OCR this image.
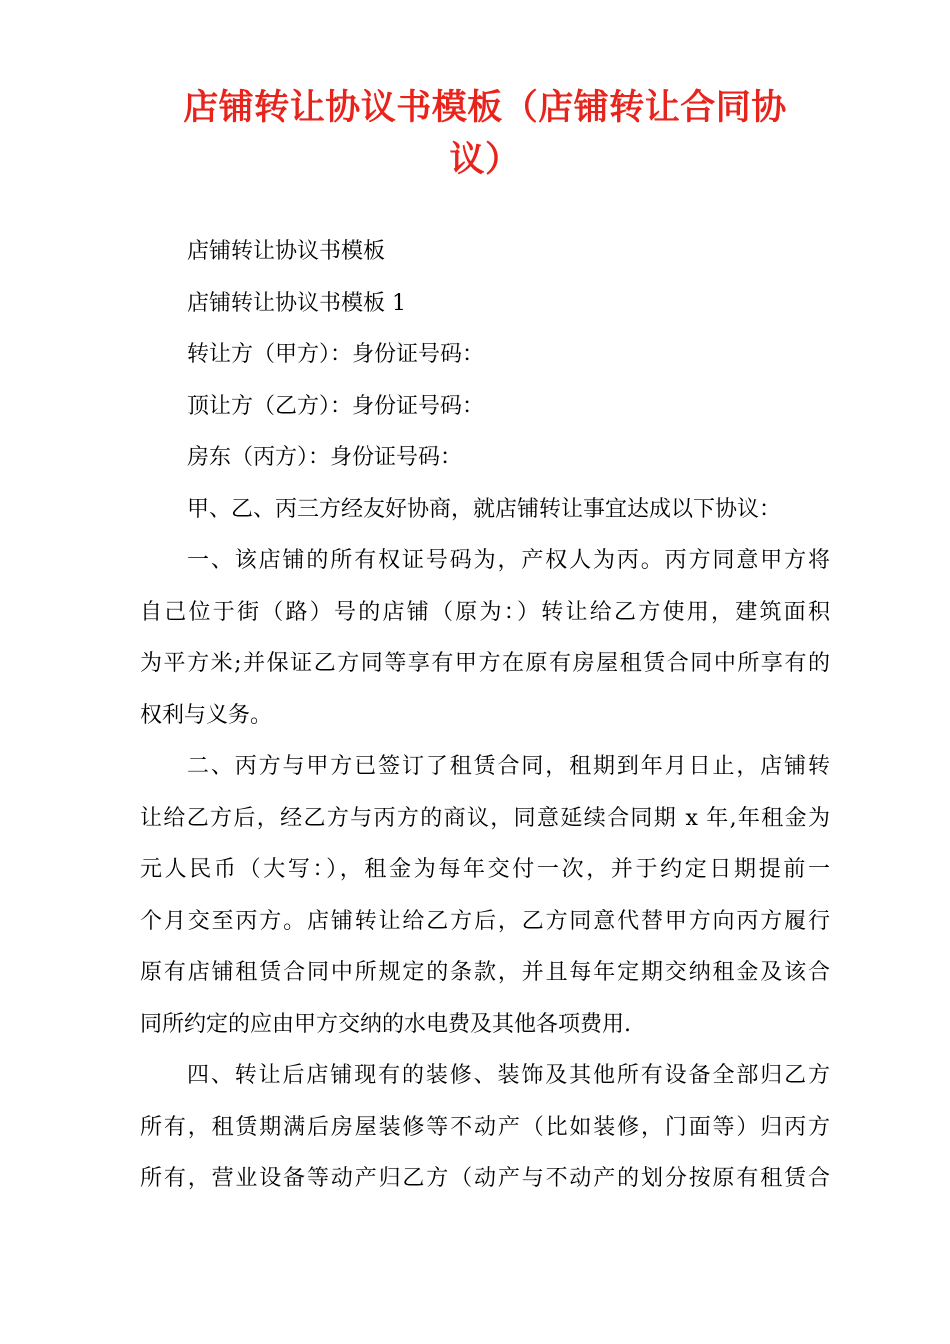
店铺转让协议书模板（店铺转让合同协
议）
店铺转让协议书模板
店铺转让协议书模板 1
转让方（甲方）：身份证号码：
顶让方（乙方）：身份证号码：
房东（丙方）：身份证号码：
甲、乙、丙三方经友好协商，就店铺转让事宜达成以下协议：
一、该店铺的所有权证号码为，产权人为丙。丙方同意甲方将
自己位于街（路）号的店铺（原为：）转让给乙方使用，建筑面积
为平方米;并保证乙方同等享有甲方在原有房屋租赁合同中所享有的
权利与义务。
二、丙方与甲方已签订了租赁合同，租期到年月日止，店铺转
让给乙方后，经乙方与丙方的商议，同意延续合同期 x 年,年租金为
元人民币（大写：），租金为每年交付一次，并于约定日期提前一
个月交至丙方。店铺转让给乙方后，乙方同意代替甲方向丙方履行
原有店铺租赁合同中所规定的条款，并且每年定期交纳租金及该合
同所约定的应由甲方交纳的水电费及其他各项费用.
四、转让后店铺现有的装修、装饰及其他所有设备全部归乙方
所有，租赁期满后房屋装修等不动产（比如装修，门面等）归丙方
所有，营业设备等动产归乙方（动产与不动产的划分按原有租赁合
